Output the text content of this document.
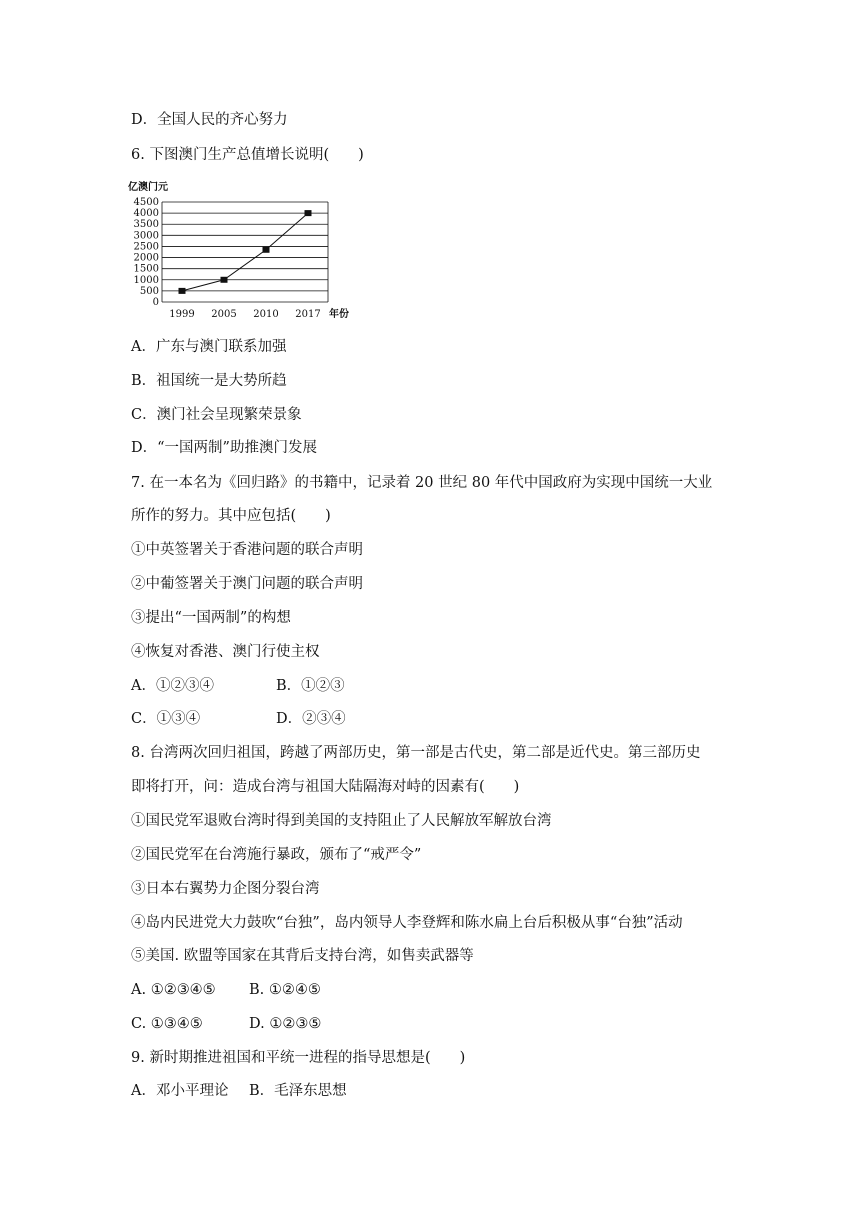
D．全国人民的齐心努力
6. 下图澳门生产总值增长说明(　　)
亿澳门元
0
500
1000
1500
2000
2500
3000
3500
4000
4500
1999 2005 2010 2017 年份
A．广东与澳门联系加强
B．祖国统一是大势所趋
C．澳门社会呈现繁荣景象
D．“一国两制”助推澳门发展
7. 在一本名为《回归路》的书籍中，记录着 20 世纪 80 年代中国政府为实现中国统一大业
所作的努力。其中应包括(　　)
①中英签署关于香港问题的联合声明
②中葡签署关于澳门问题的联合声明
③提出“一国两制”的构想
④恢复对香港、澳门行使主权
A．①②③④	B．①②③
C．①③④	D．②③④
8. 台湾两次回归祖国，跨越了两部历史，第一部是古代史，第二部是近代史。第三部历史
即将打开，问：造成台湾与祖国大陆隔海对峙的因素有(　　)
①国民党军退败台湾时得到美国的支持阻止了人民解放军解放台湾
②国民党军在台湾施行暴政，颁布了“戒严令”
③日本右翼势力企图分裂台湾
④岛内民进党大力鼓吹“台独”，岛内领导人李登辉和陈水扁上台后积极从事“台独”活动
⑤美国. 欧盟等国家在其背后支持台湾，如售卖武器等
A. ①②③④⑤ B. ①②④⑤
C. ①③④⑤	D. ①②③⑤
9. 新时期推进祖国和平统一进程的指导思想是(　　)
A．邓小平理论 B．毛泽东思想
